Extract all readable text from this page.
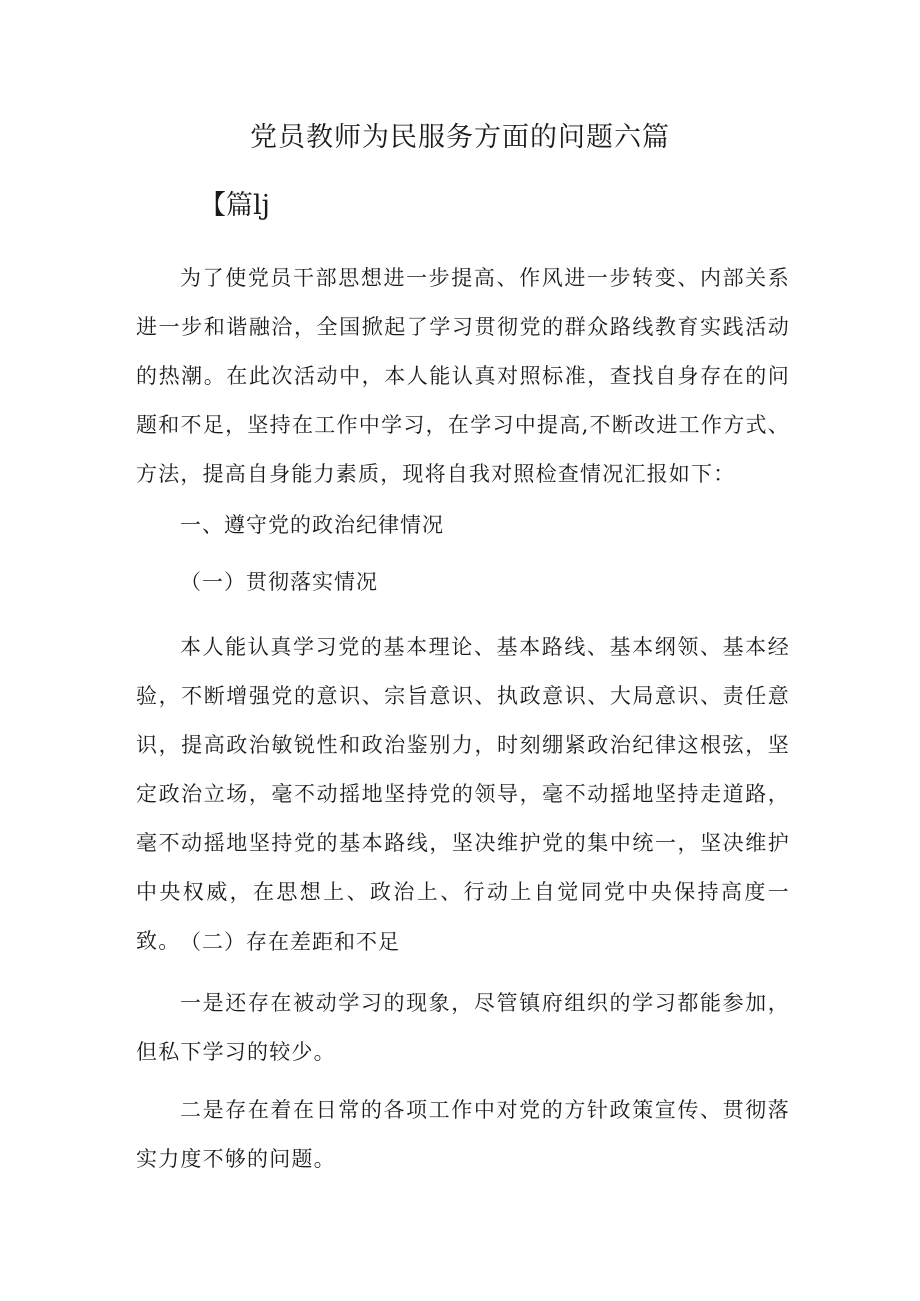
党员教师为民服务方面的问题六篇
【篇lj

为了使党员干部思想进一步提高、作风进一步转变、内部关系进一步和谐融洽，全国掀起了学习贯彻党的群众路线教育实践活动的热潮。在此次活动中，本人能认真对照标准，查找自身存在的问题和不足，坚持在工作中学习，在学习中提高,不断改进工作方式、方法，提高自身能力素质，现将自我对照检查情况汇报如下：

一、遵守党的政治纪律情况
（一）贯彻落实情况

本人能认真学习党的基本理论、基本路线、基本纲领、基本经验，不断增强党的意识、宗旨意识、执政意识、大局意识、责任意识，提高政治敏锐性和政治鉴别力，时刻绷紧政治纪律这根弦，坚定政治立场，毫不动摇地坚持党的领导，毫不动摇地坚持走道路，毫不动摇地坚持党的基本路线，坚决维护党的集中统一，坚决维护中央权威，在思想上、政治上、行动上自觉同党中央保持高度一致。 （二）存在差距和不足

一是还存在被动学习的现象，尽管镇府组织的学习都能参加，但私下学习的较少。

二是存在着在日常的各项工作中对党的方针政策宣传、贯彻落实力度不够的问题。
